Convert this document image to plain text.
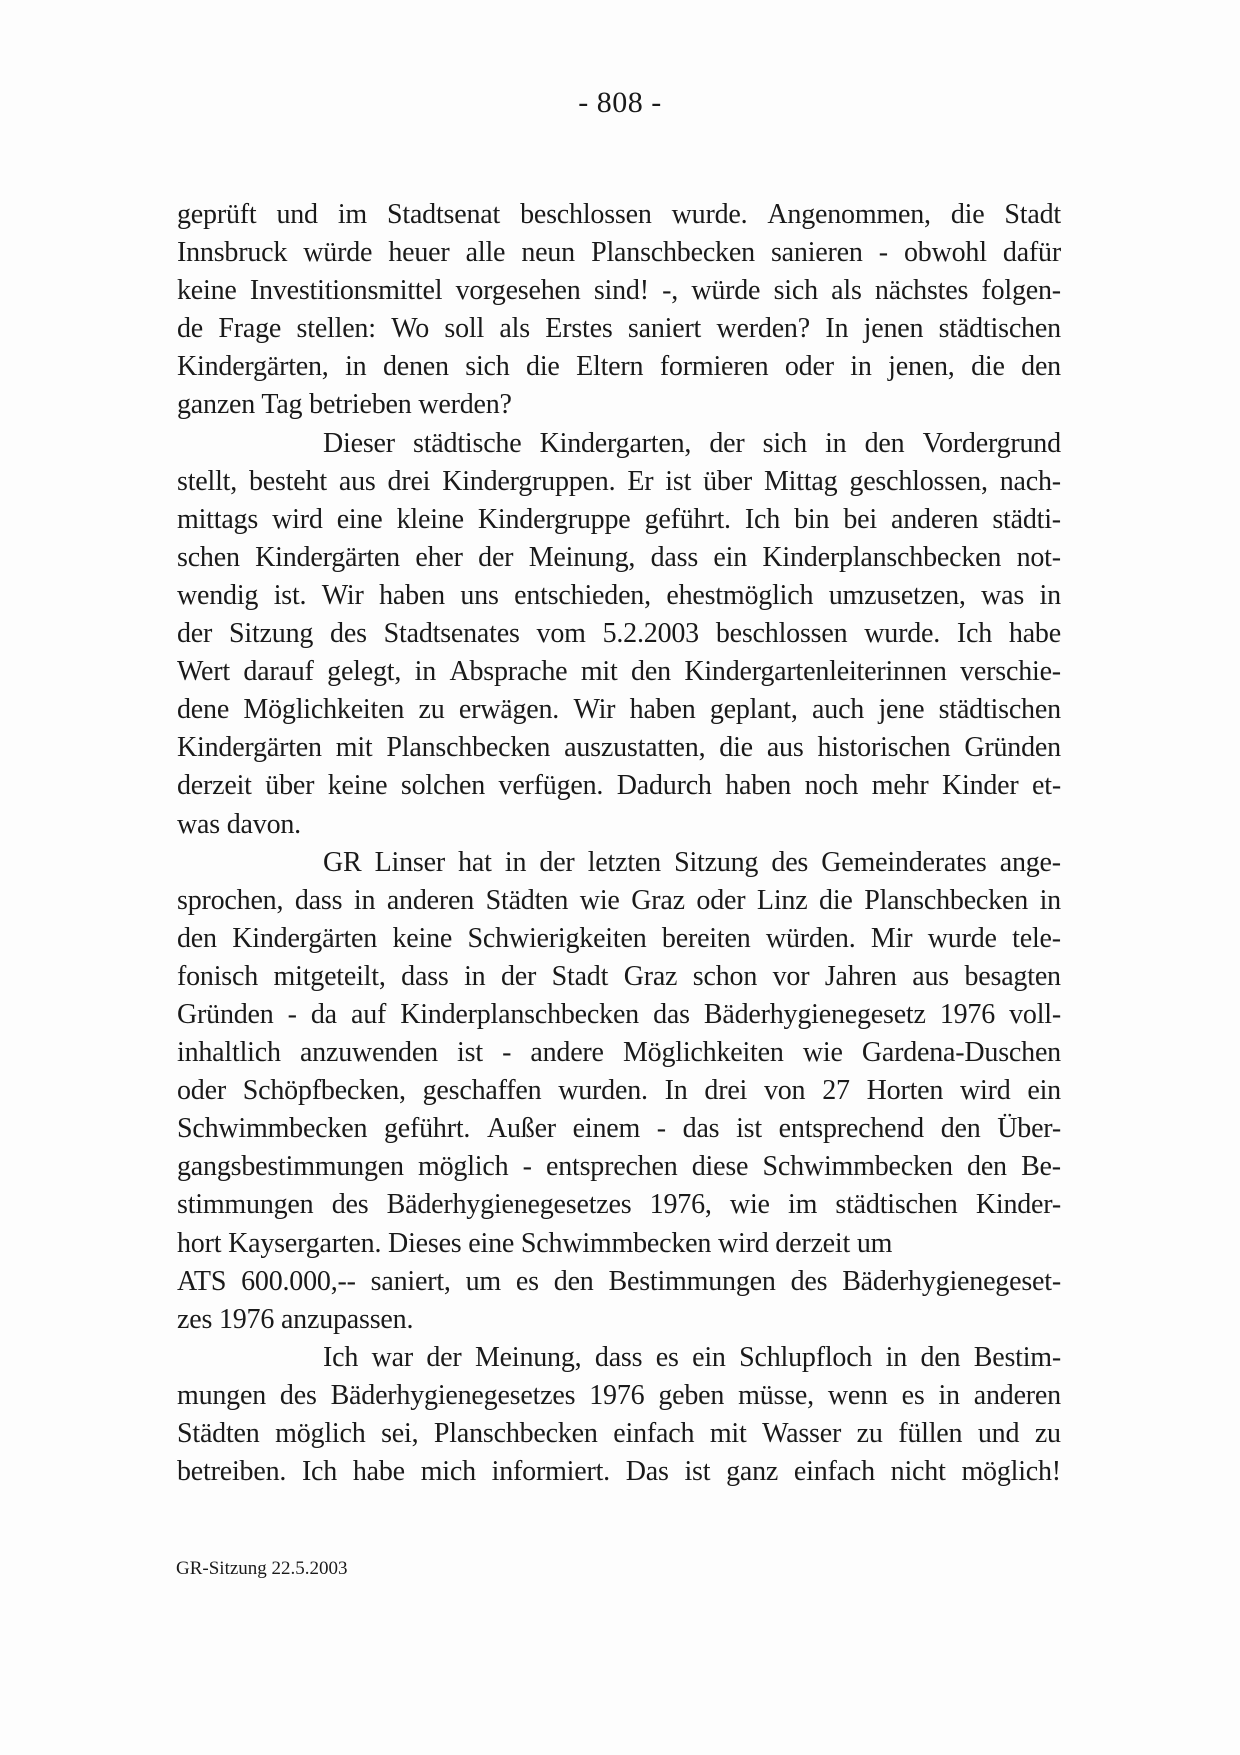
- 808 -
geprüft und im Stadtsenat beschlossen wurde. Angenommen, die Stadt
Innsbruck würde heuer alle neun Planschbecken sanieren - obwohl dafür
keine Investitionsmittel vorgesehen sind! -, würde sich als nächstes folgen-
de Frage stellen: Wo soll als Erstes saniert werden? In jenen städtischen
Kindergärten, in denen sich die Eltern formieren oder in jenen, die den
ganzen Tag betrieben werden?
Dieser städtische Kindergarten, der sich in den Vordergrund
stellt, besteht aus drei Kindergruppen. Er ist über Mittag geschlossen, nach-
mittags wird eine kleine Kindergruppe geführt. Ich bin bei anderen städti-
schen Kindergärten eher der Meinung, dass ein Kinderplanschbecken not-
wendig ist. Wir haben uns entschieden, ehestmöglich umzusetzen, was in
der Sitzung des Stadtsenates vom 5.2.2003 beschlossen wurde. Ich habe
Wert darauf gelegt, in Absprache mit den Kindergartenleiterinnen verschie-
dene Möglichkeiten zu erwägen. Wir haben geplant, auch jene städtischen
Kindergärten mit Planschbecken auszustatten, die aus historischen Gründen
derzeit über keine solchen verfügen. Dadurch haben noch mehr Kinder et-
was davon.
GR Linser hat in der letzten Sitzung des Gemeinderates ange-
sprochen, dass in anderen Städten wie Graz oder Linz die Planschbecken in
den Kindergärten keine Schwierigkeiten bereiten würden. Mir wurde tele-
fonisch mitgeteilt, dass in der Stadt Graz schon vor Jahren aus besagten
Gründen - da auf Kinderplanschbecken das Bäderhygienegesetz 1976 voll-
inhaltlich anzuwenden ist - andere Möglichkeiten wie Gardena-Duschen
oder Schöpfbecken, geschaffen wurden. In drei von 27 Horten wird ein
Schwimmbecken geführt. Außer einem - das ist entsprechend den Über-
gangsbestimmungen möglich - entsprechen diese Schwimmbecken den Be-
stimmungen des Bäderhygienegesetzes 1976, wie im städtischen Kinder-
hort Kaysergarten. Dieses eine Schwimmbecken wird derzeit um
ATS 600.000,-- saniert, um es den Bestimmungen des Bäderhygienegeset-
zes 1976 anzupassen.
Ich war der Meinung, dass es ein Schlupfloch in den Bestim-
mungen des Bäderhygienegesetzes 1976 geben müsse, wenn es in anderen
Städten möglich sei, Planschbecken einfach mit Wasser zu füllen und zu
betreiben. Ich habe mich informiert. Das ist ganz einfach nicht möglich!
GR-Sitzung 22.5.2003
